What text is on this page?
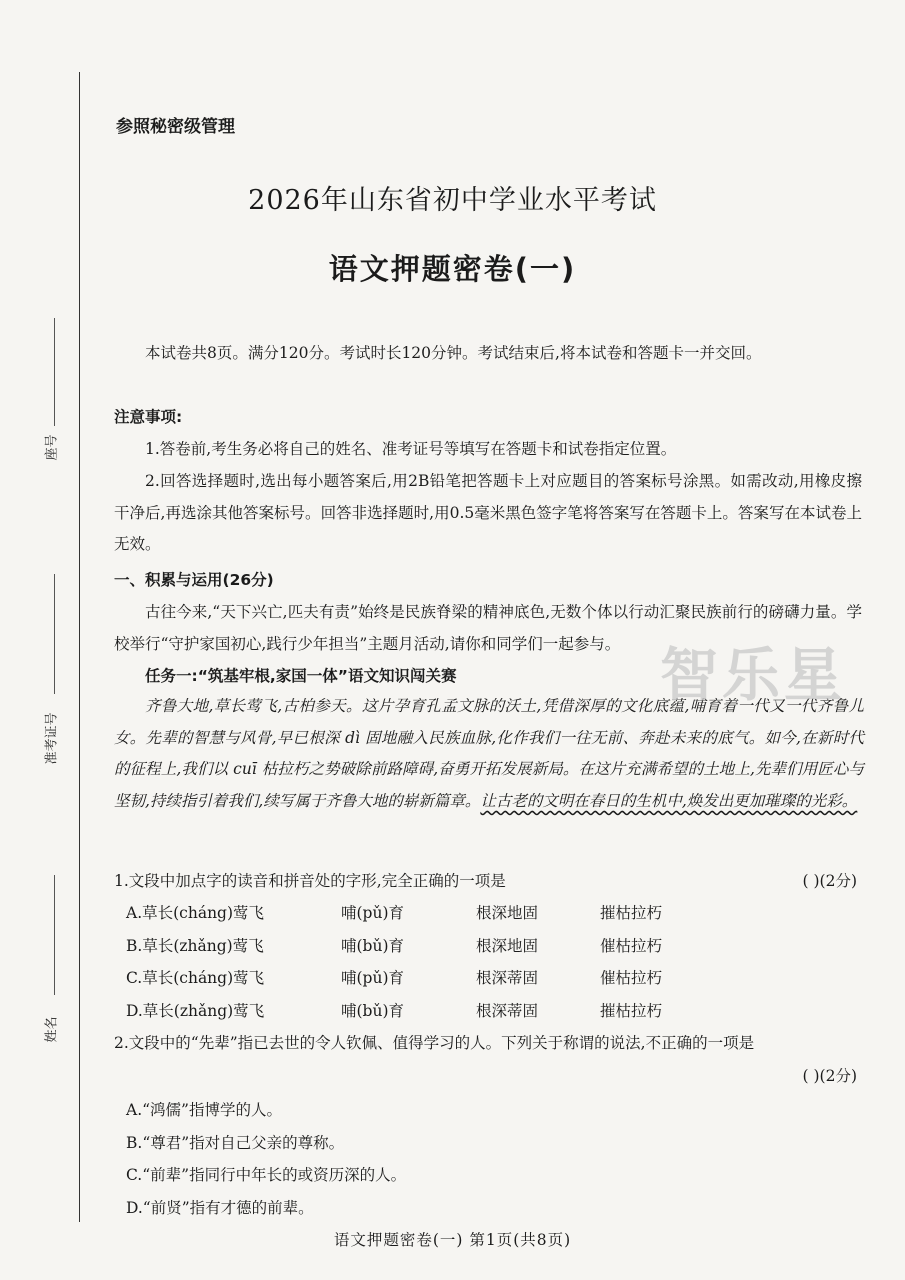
座号
准考证号
姓名
参照秘密级管理
2026年山东省初中学业水平考试
语文押题密卷(一)
本试卷共8页。满分120分。考试时长120分钟。考试结束后,将本试卷和答题卡一并交回。
注意事项:
1.答卷前,考生务必将自己的姓名、准考证号等填写在答题卡和试卷指定位置。
2.回答选择题时,选出每小题答案后,用2B铅笔把答题卡上对应题目的答案标号涂黑。如需改动,用橡皮擦干净后,再选涂其他答案标号。回答非选择题时,用0.5毫米黑色签字笔将答案写在答题卡上。答案写在本试卷上无效。
一、积累与运用(26分)
古往今来,“天下兴亡,匹夫有责”始终是民族脊梁的精神底色,无数个体以行动汇聚民族前行的磅礴力量。学校举行“守护家国初心,践行少年担当”主题月活动,请你和同学们一起参与。
任务一:“筑基牢根,家国一体”语文知识闯关赛
齐鲁大地,草长莺飞,古柏参天。这片孕育孔孟文脉的沃土,凭借深厚的文化底蕴,哺育着一代又一代齐鲁儿女。先辈的智慧与风骨,早已根深 dì 固地融入民族血脉,化作我们一往无前、奔赴未来的底气。如今,在新时代的征程上,我们以 cuī 枯拉朽之势破除前路障碍,奋勇开拓发展新局。在这片充满希望的土地上,先辈们用匠心与坚韧,持续指引着我们,续写属于齐鲁大地的崭新篇章。让古老的文明在春日的生机中,焕发出更加璀璨的光彩。
1.文段中加点字的读音和拼音处的字形,完全正确的一项是	( )(2分)
A.草长(cháng)莺飞	哺(pǔ)育	根深地固	摧枯拉朽
B.草长(zhǎng)莺飞	哺(bǔ)育	根深地固	催枯拉朽
C.草长(cháng)莺飞	哺(pǔ)育	根深蒂固	催枯拉朽
D.草长(zhǎng)莺飞	哺(bǔ)育	根深蒂固	摧枯拉朽
2.文段中的“先辈”指已去世的令人钦佩、值得学习的人。下列关于称谓的说法,不正确的一项是
( )(2分)
A.“鸿儒”指博学的人。
B.“尊君”指对自己父亲的尊称。
C.“前辈”指同行中年长的或资历深的人。
D.“前贤”指有才德的前辈。
语文押题密卷(一) 第1页(共8页)
智乐星
